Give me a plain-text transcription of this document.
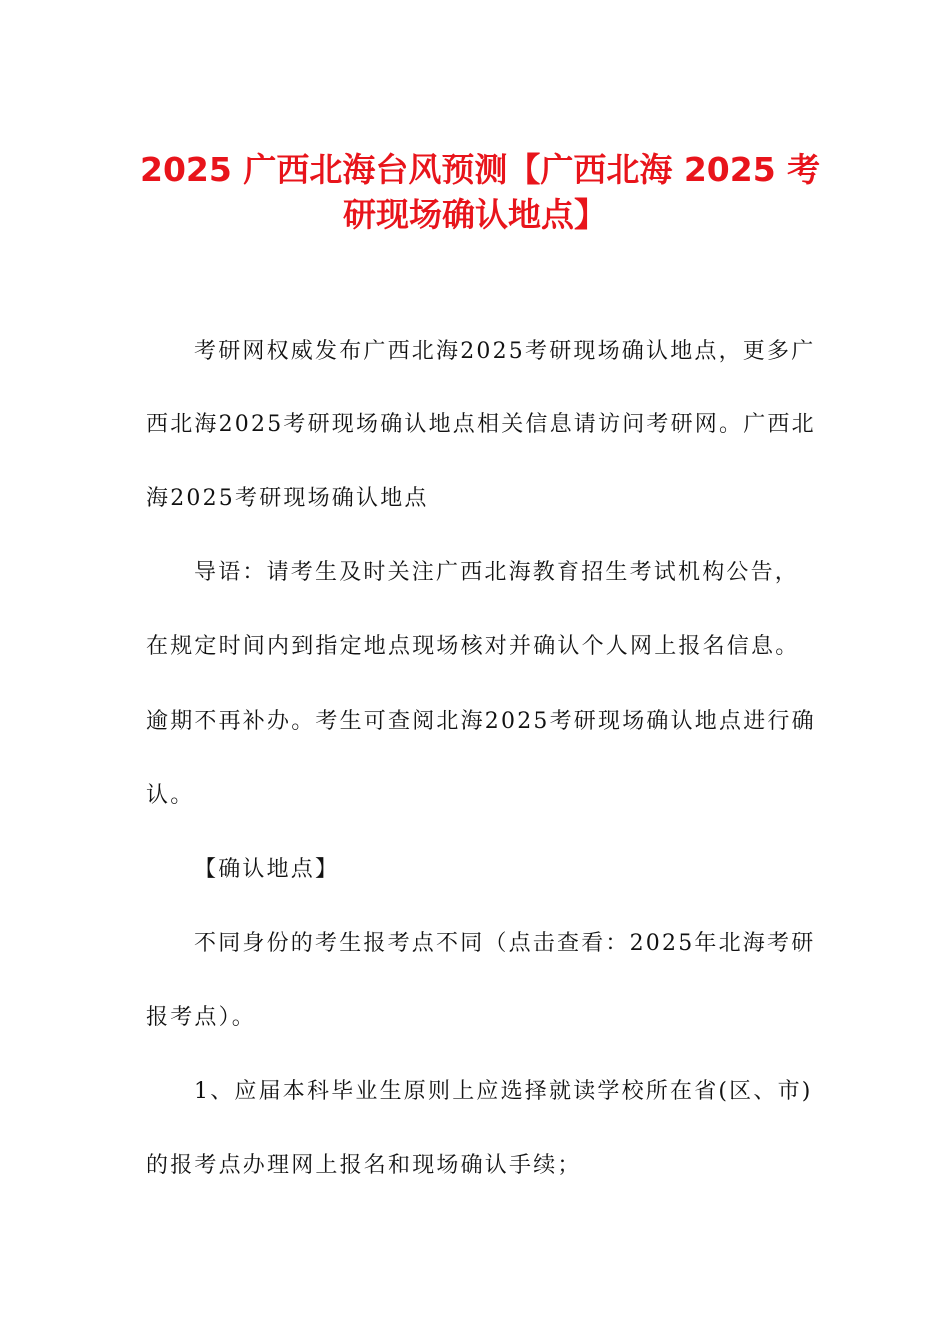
2025 广西北海台风预测【广西北海 2025 考
研现场确认地点】

考研网权威发布广西北海2025考研现场确认地点，更多广

西北海2025考研现场确认地点相关信息请访问考研网。广西北

海2025考研现场确认地点

导语：请考生及时关注广西北海教育招生考试机构公告，

在规定时间内到指定地点现场核对并确认个人网上报名信息。

逾期不再补办。考生可查阅北海2025考研现场确认地点进行确

认。

【确认地点】

不同身份的考生报考点不同（点击查看：2025年北海考研

报考点）。

1、应届本科毕业生原则上应选择就读学校所在省(区、市)

的报考点办理网上报名和现场确认手续；
